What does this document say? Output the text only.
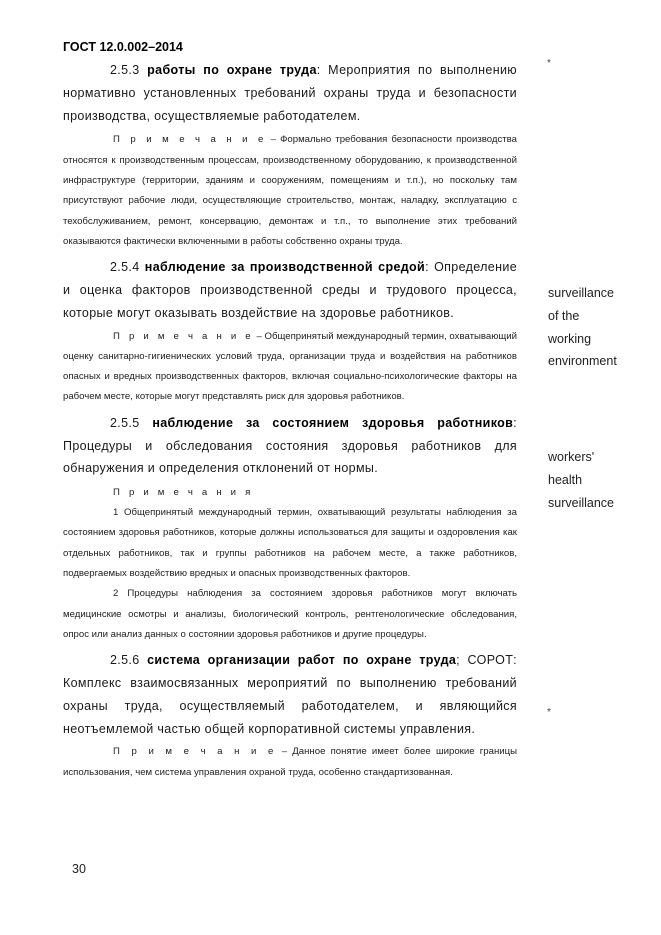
ГОСТ 12.0.002–2014
*
surveillance
of the
working
environment
workers'
health
surveillance
*

2.5.3 работы по охране труда: Мероприятия по выполнению нормативно установленных требований охраны труда и безопасности производства, осуществляемые работодателем.

П р и м е ч а н и е – Формально требования безопасности производства относятся к производственным процессам, производственному оборудованию, к производственной инфраструктуре (территории, зданиям и сооружениям, помещениям и т.п.), но поскольку там присутствуют рабочие люди, осуществляющие строительство, монтаж, наладку, эксплуатацию с техобслуживанием, ремонт, консервацию, демонтаж и т.п., то выполнение этих требований оказываются фактически включенными в работы собственно охраны труда.

2.5.4 наблюдение за производственной средой: Определение и оценка факторов производственной среды и трудового процесса, которые могут оказывать воздействие на здоровье работников.

П р и м е ч а н и е – Общепринятый международный термин, охватывающий оценку санитарно-гигиенических условий труда, организации труда и воздействия на работников опасных и вредных производственных факторов, включая социально-психологические факторы на рабочем месте, которые могут представлять риск для здоровья работников.

2.5.5 наблюдение за состоянием здоровья работников: Процедуры и обследования состояния здоровья работников для обнаружения и определения отклонений от нормы.

П р и м е ч а н и я

1 Общепринятый международный термин, охватывающий результаты наблюдения за состоянием здоровья работников, которые должны использоваться для защиты и оздоровления как отдельных работников, так и группы работников на рабочем месте, а также работников, подвергаемых воздействию вредных и опасных производственных факторов.

2 Процедуры наблюдения за состоянием здоровья работников могут включать медицинские осмотры и анализы, биологический контроль, рентгенологические обследования, опрос или анализ данных о состоянии здоровья работников и другие процедуры.

2.5.6 система организации работ по охране труда; СОРОТ: Комплекс взаимосвязанных мероприятий по выполнению требований охраны труда, осуществляемый работодателем, и являющийся неотъемлемой частью общей корпоративной системы управления.

П р и м е ч а н и е – Данное понятие имеет более широкие границы использования, чем система управления охраной труда, особенно стандартизованная.

30
